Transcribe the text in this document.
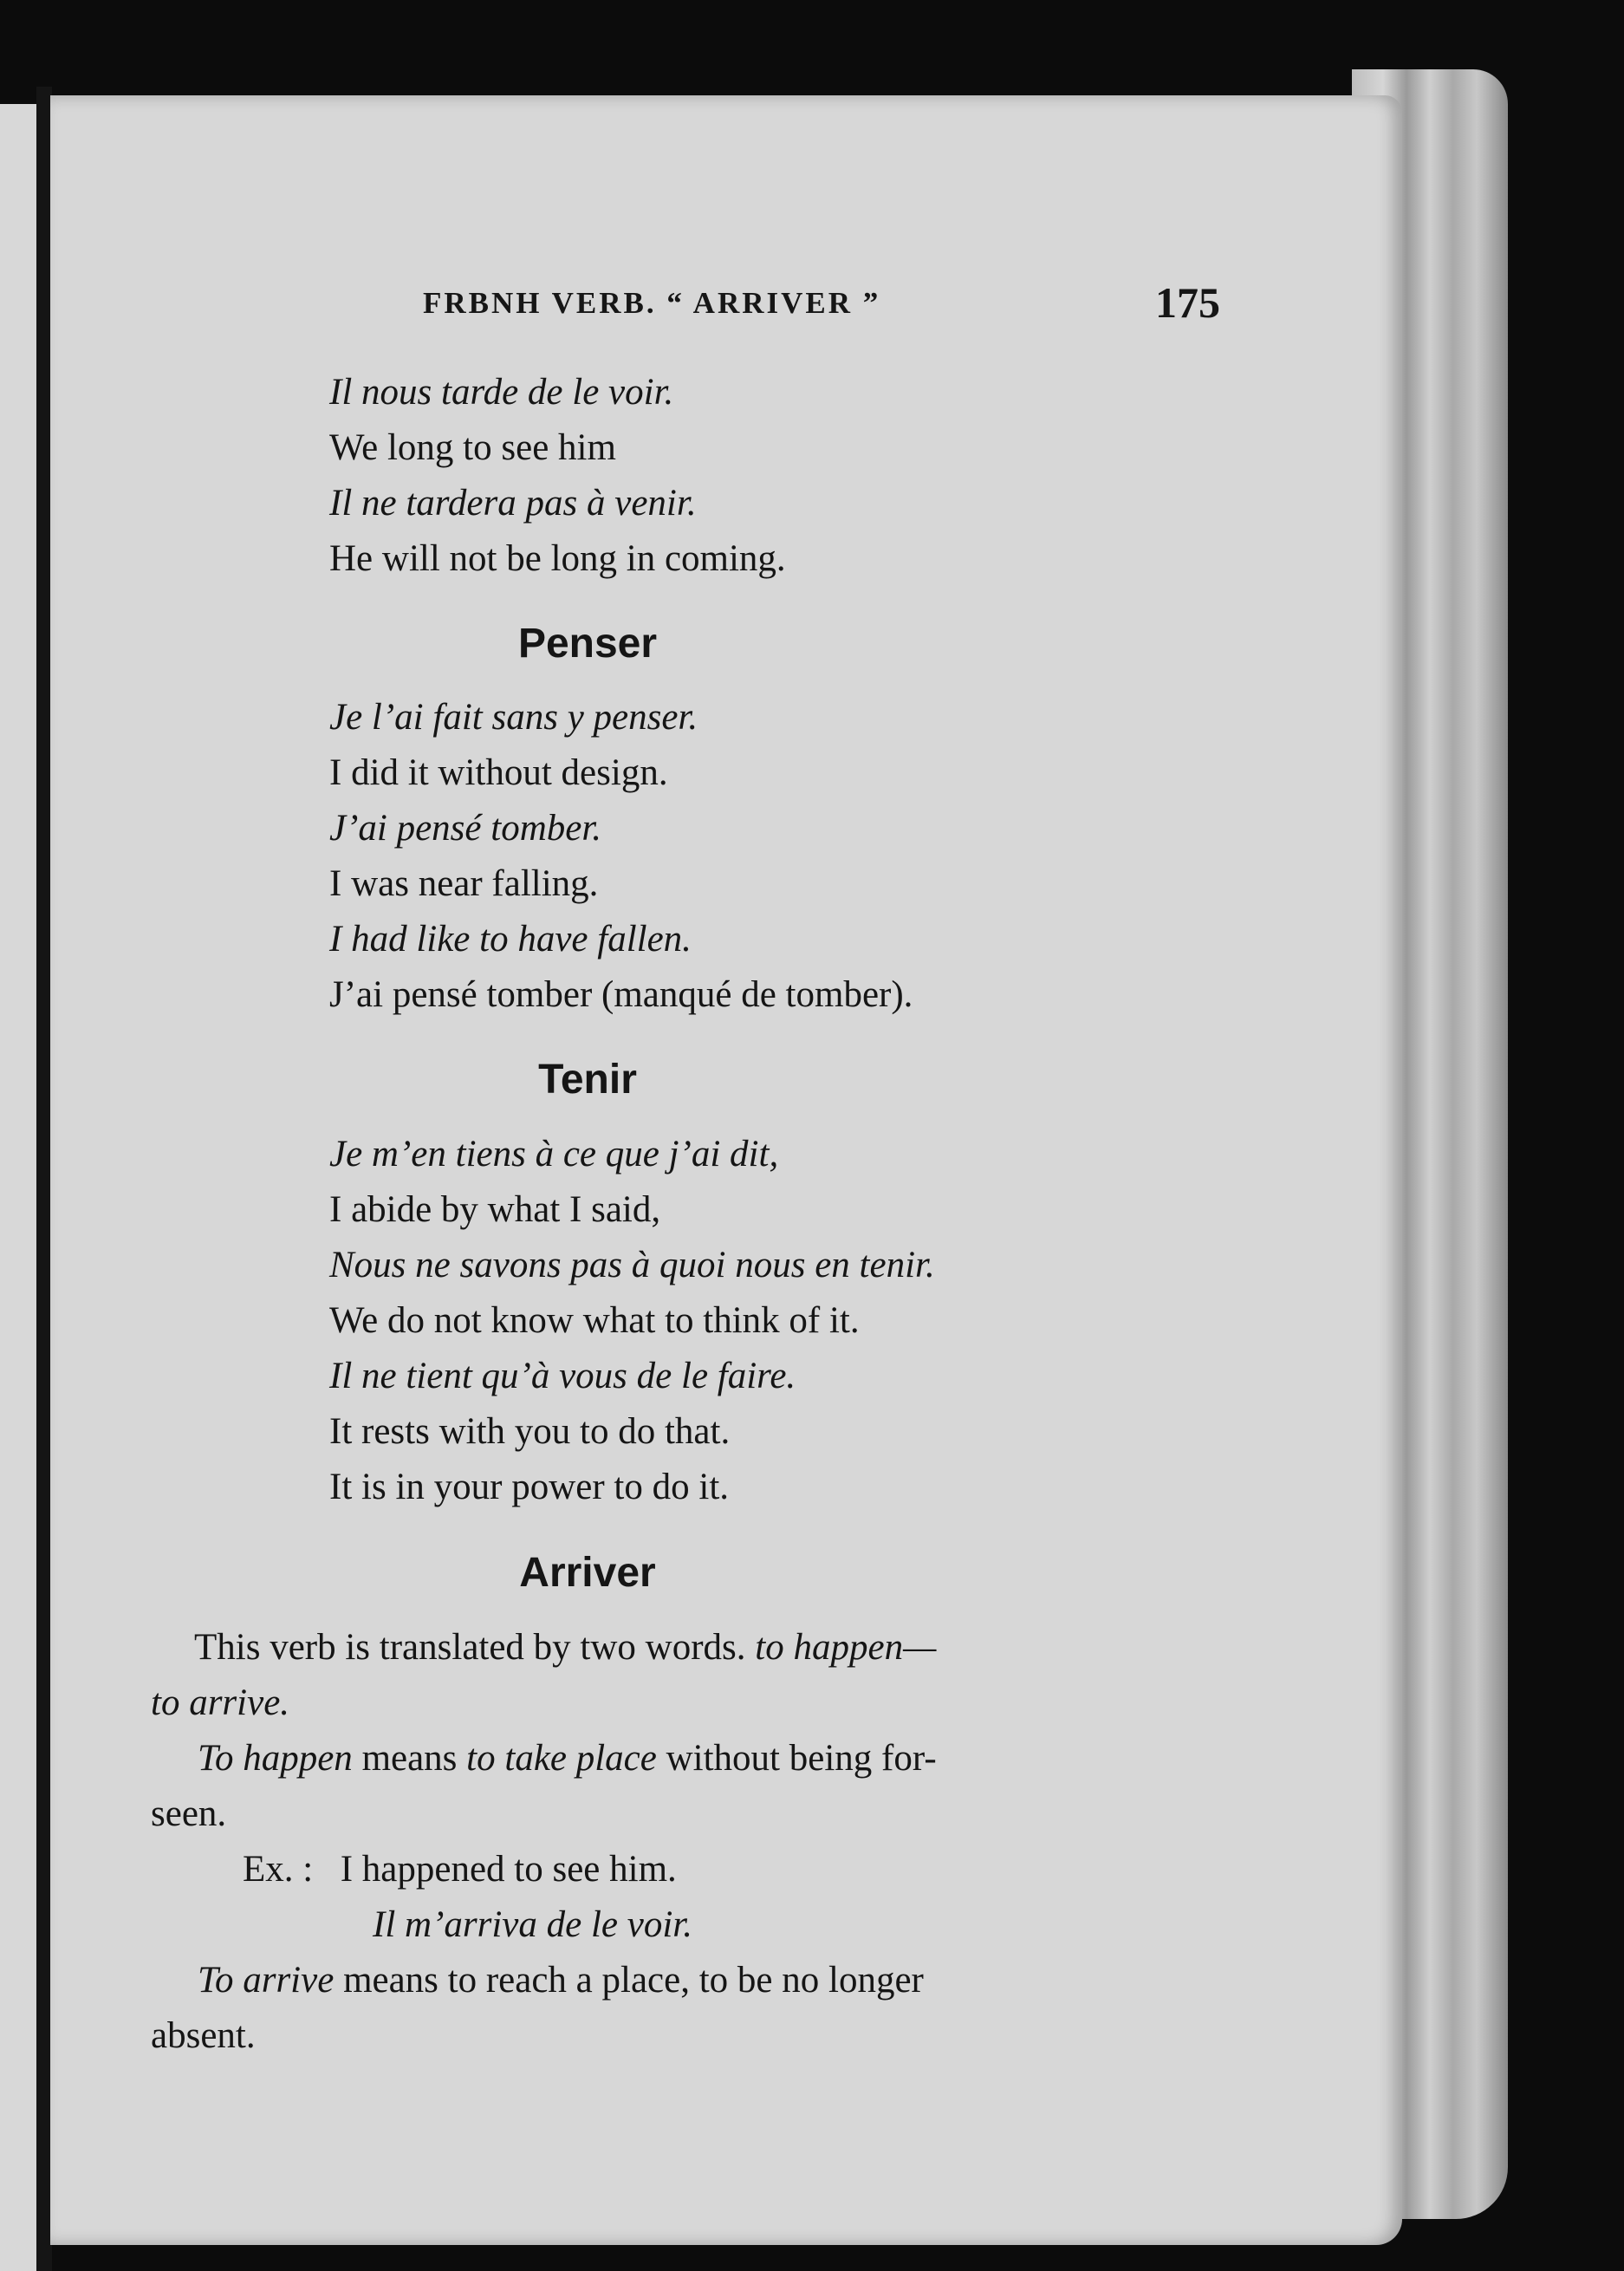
FRBNH VERB. “ ARRIVER ”	175
Il nous tarde de le voir.
We long to see him
Il ne tardera pas à venir.
He will not be long in coming.
Penser
Je l’ai fait sans y penser.
I did it without design.
J’ai pensé tomber.
I was near falling.
I had like to have fallen.
J’ai pensé tomber (manqué de tomber).
Tenir
Je m’en tiens à ce que j’ai dit,
I abide by what I said,
Nous ne savons pas à quoi nous en tenir.
We do not know what to think of it.
Il ne tient qu’à vous de le faire.
It rests with you to do that.
It is in your power to do it.
Arriver
This verb is translated by two words. to happen—
to arrive.
To happen means to take place without being for-
seen.
Ex. : I happened to see him.
Il m’arriva de le voir.
To arrive means to reach a place, to be no longer
absent.
